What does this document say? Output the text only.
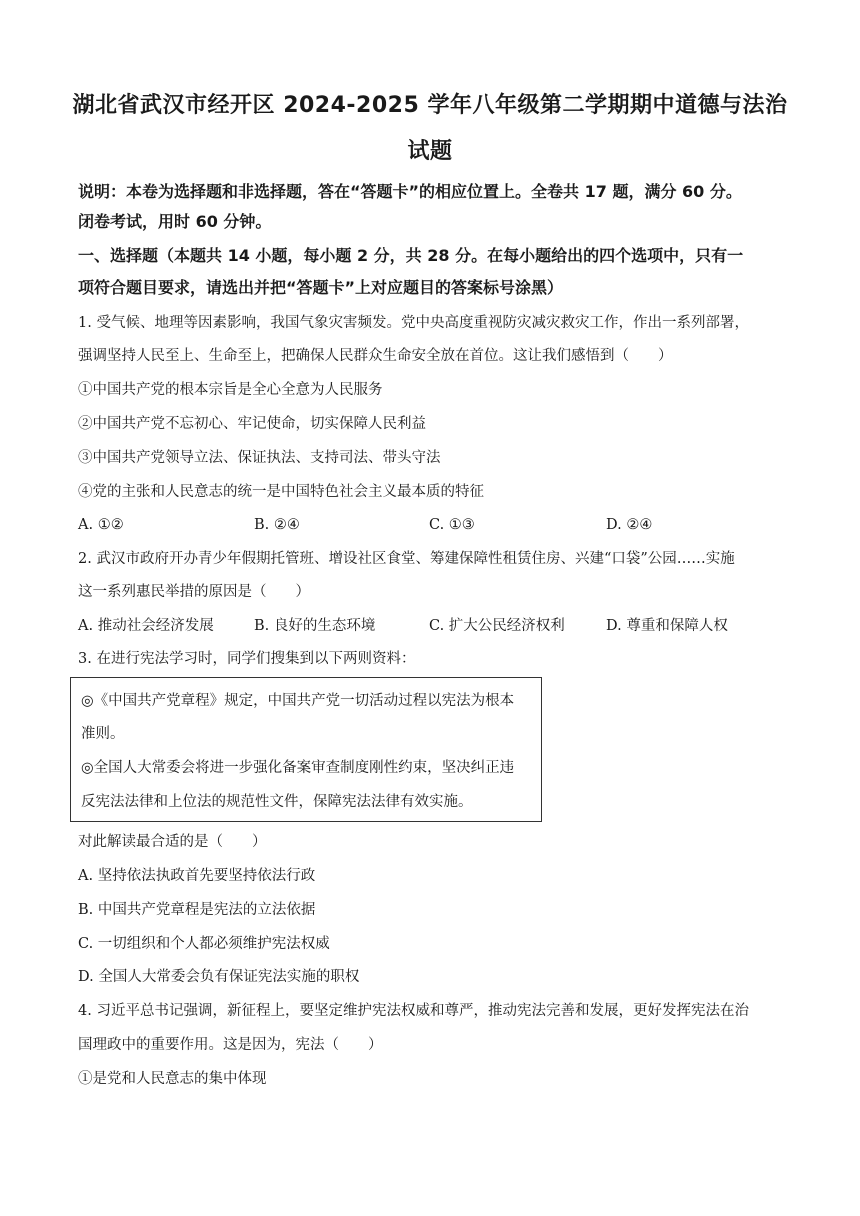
湖北省武汉市经开区 2024-2025 学年八年级第二学期期中道德与法治
试题
说明：本卷为选择题和非选择题，答在“答题卡”的相应位置上。全卷共 17 题，满分 60 分。
闭卷考试，用时 60 分钟。
一、选择题（本题共 14 小题，每小题 2 分，共 28 分。在每小题给出的四个选项中，只有一
项符合题目要求，请选出并把“答题卡”上对应题目的答案标号涂黑）
1. 受气候、地理等因素影响，我国气象灾害频发。党中央高度重视防灾减灾救灾工作，作出一系列部署，
强调坚持人民至上、生命至上，把确保人民群众生命安全放在首位。这让我们感悟到（　　）
①中国共产党的根本宗旨是全心全意为人民服务
②中国共产党不忘初心、牢记使命，切实保障人民利益
③中国共产党领导立法、保证执法、支持司法、带头守法
④党的主张和人民意志的统一是中国特色社会主义最本质的特征
A. ①②	B. ②④	C. ①③	D. ②④
2. 武汉市政府开办青少年假期托管班、增设社区食堂、筹建保障性租赁住房、兴建“口袋”公园……实施
这一系列惠民举措的原因是（　　）
A. 推动社会经济发展	B. 良好的生态环境	C. 扩大公民经济权利	D. 尊重和保障人权
3. 在进行宪法学习时，同学们搜集到以下两则资料：
◎《中国共产党章程》规定，中国共产党一切活动过程以宪法为根本
准则。
◎全国人大常委会将进一步强化备案审查制度刚性约束，坚决纠正违
反宪法法律和上位法的规范性文件，保障宪法法律有效实施。
对此解读最合适的是（　　）
A. 坚持依法执政首先要坚持依法行政
B. 中国共产党章程是宪法的立法依据
C. 一切组织和个人都必须维护宪法权威
D. 全国人大常委会负有保证宪法实施的职权
4. 习近平总书记强调，新征程上，要坚定维护宪法权威和尊严，推动宪法完善和发展，更好发挥宪法在治
国理政中的重要作用。这是因为，宪法（　　）
①是党和人民意志的集中体现
